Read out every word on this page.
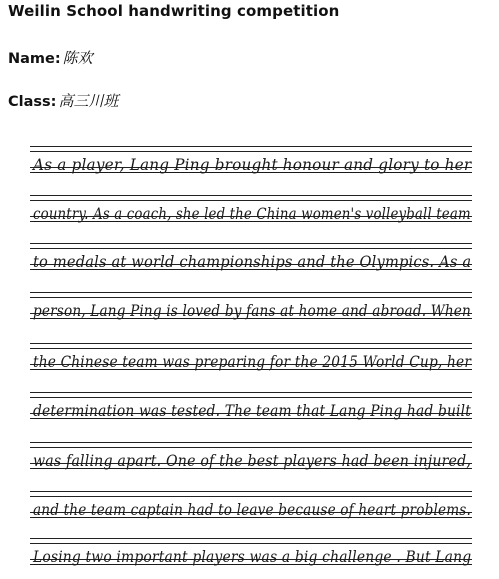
Weilin School handwriting competition
Name: 陈欢
Class: 高三川班
As a player, Lang Ping brought honour and glory to her
country. As a coach, she led the China women's volleyball team
to medals at world championships and the Olympics. As a
person, Lang Ping is loved by fans at home and abroad. When
the Chinese team was preparing for the 2015 World Cup, her
determination was tested. The team that Lang Ping had built
was falling apart. One of the best players had been injured,
and the team captain had to leave because of heart problems.
Losing two important players was a big challenge . But Lang
